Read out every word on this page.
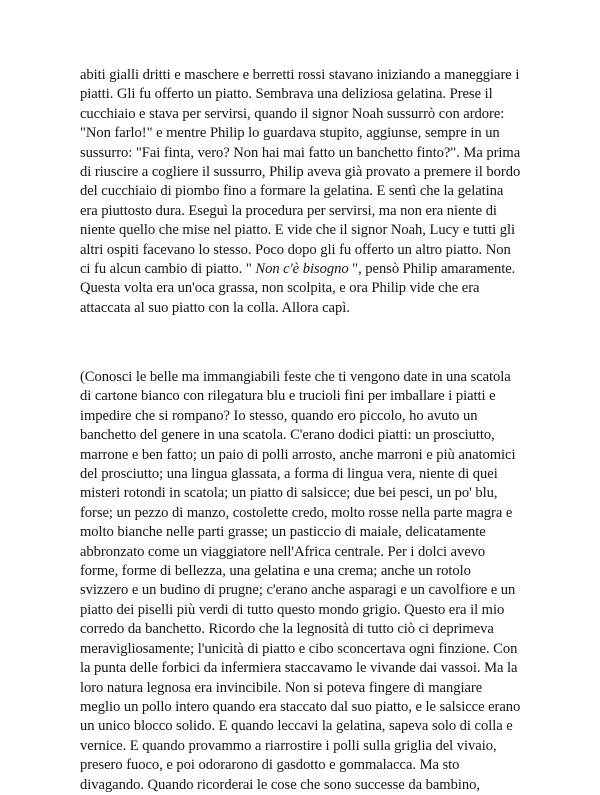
abiti gialli dritti e maschere e berretti rossi stavano iniziando a maneggiare i
piatti. Gli fu offerto un piatto. Sembrava una deliziosa gelatina. Prese il
cucchiaio e stava per servirsi, quando il signor Noah sussurrò con ardore:
"Non farlo!" e mentre Philip lo guardava stupito, aggiunse, sempre in un
sussurro: "Fai finta, vero? Non hai mai fatto un banchetto finto?". Ma prima
di riuscire a cogliere il sussurro, Philip aveva già provato a premere il bordo
del cucchiaio di piombo fino a formare la gelatina. E sentì che la gelatina
era piuttosto dura. Eseguì la procedura per servirsi, ma non era niente di
niente quello che mise nel piatto. E vide che il signor Noah, Lucy e tutti gli
altri ospiti facevano lo stesso. Poco dopo gli fu offerto un altro piatto. Non
ci fu alcun cambio di piatto. " Non c'è bisogno ", pensò Philip amaramente.
Questa volta era un'oca grassa, non scolpita, e ora Philip vide che era
attaccata al suo piatto con la colla. Allora capì.
(Conosci le belle ma immangiabili feste che ti vengono date in una scatola
di cartone bianco con rilegatura blu e trucioli fini per imballare i piatti e
impedire che si rompano? Io stesso, quando ero piccolo, ho avuto un
banchetto del genere in una scatola. C'erano dodici piatti: un prosciutto,
marrone e ben fatto; un paio di polli arrosto, anche marroni e più anatomici
del prosciutto; una lingua glassata, a forma di lingua vera, niente di quei
misteri rotondi in scatola; un piatto di salsicce; due bei pesci, un po' blu,
forse; un pezzo di manzo, costolette credo, molto rosse nella parte magra e
molto bianche nelle parti grasse; un pasticcio di maiale, delicatamente
abbronzato come un viaggiatore nell'Africa centrale. Per i dolci avevo
forme, forme di bellezza, una gelatina e una crema; anche un rotolo
svizzero e un budino di prugne; c'erano anche asparagi e un cavolfiore e un
piatto dei piselli più verdi di tutto questo mondo grigio. Questo era il mio
corredo da banchetto. Ricordo che la legnosità di tutto ciò ci deprimeva
meravigliosamente; l'unicità di piatto e cibo sconcertava ogni finzione. Con
la punta delle forbici da infermiera staccavamo le vivande dai vassoi. Ma la
loro natura legnosa era invincibile. Non si poteva fingere di mangiare
meglio un pollo intero quando era staccato dal suo piatto, e le salsicce erano
un unico blocco solido. E quando leccavi la gelatina, sapeva solo di colla e
vernice. E quando provammo a riarrostire i polli sulla griglia del vivaio,
presero fuoco, e poi odorarono di gasdotto e gommalacca. Ma sto
divagando. Quando ricorderai le cose che sono successe da bambino,
